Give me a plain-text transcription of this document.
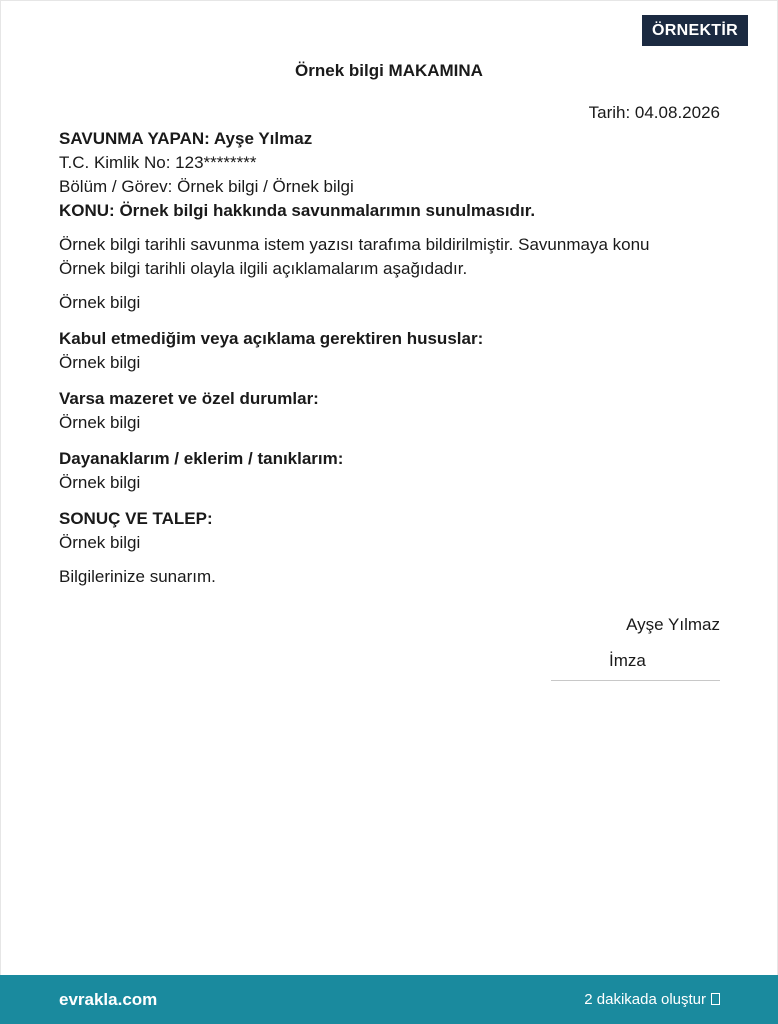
ÖRNEKTİR
Örnek bilgi MAKAMINA
Tarih: 04.08.2026

SAVUNMA YAPAN: Ayşe Yılmaz

T.C. Kimlik No: 123********

Bölüm / Görev: Örnek bilgi / Örnek bilgi

KONU: Örnek bilgi hakkında savunmalarımın sunulmasıdır.

Örnek bilgi tarihli savunma istem yazısı tarafıma bildirilmiştir. Savunmaya konu

Örnek bilgi tarihli olayla ilgili açıklamalarım aşağıdadır.

Örnek bilgi

Kabul etmediğim veya açıklama gerektiren hususlar:

Örnek bilgi

Varsa mazeret ve özel durumlar:

Örnek bilgi

Dayanaklarım / eklerim / tanıklarım:

Örnek bilgi

SONUÇ VE TALEP:

Örnek bilgi

Bilgilerinize sunarım.

Ayşe Yılmaz
İmza
evrakla.com	2 dakikada oluştur
